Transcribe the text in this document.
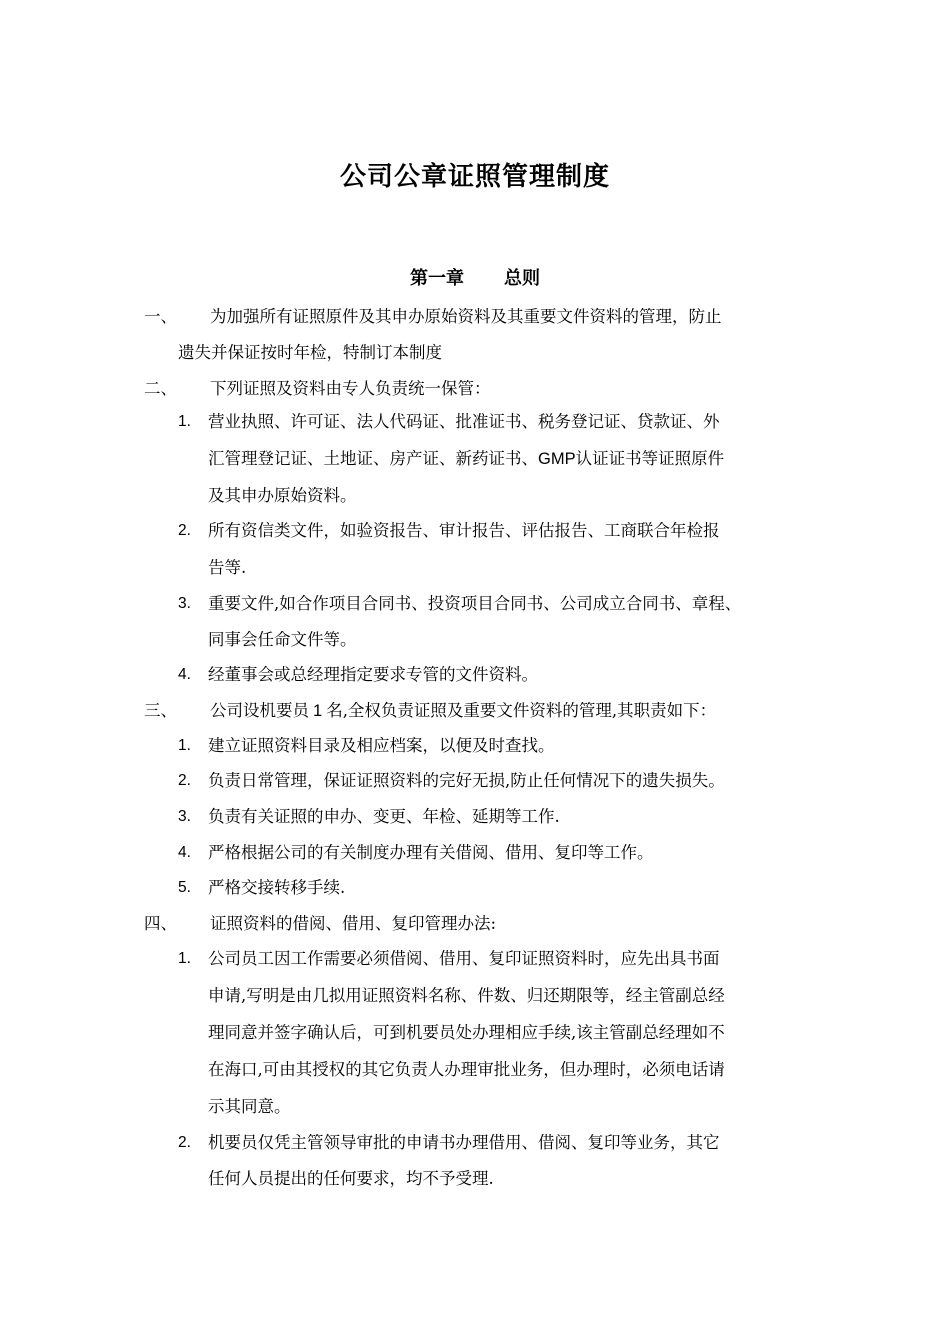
公司公章证照管理制度
第一章 总则
一、 为加强所有证照原件及其申办原始资料及其重要文件资料的管理，防止
遗失并保证按时年检，特制订本制度
二、 下列证照及资料由专人负责统一保管：
1. 营业执照、许可证、法人代码证、批准证书、税务登记证、贷款证、外
汇管理登记证、土地证、房产证、新药证书、GMP认证证书等证照原件
及其申办原始资料。
2. 所有资信类文件，如验资报告、审计报告、评估报告、工商联合年检报
告等.
3. 重要文件,如合作项目合同书、投资项目合同书、公司成立合同书、章程、
同事会任命文件等。
4. 经董事会或总经理指定要求专管的文件资料。
三、 公司设机要员 1 名,全权负责证照及重要文件资料的管理,其职责如下：
1. 建立证照资料目录及相应档案，以便及时查找。
2. 负责日常管理，保证证照资料的完好无损,防止任何情况下的遗失损失。
3. 负责有关证照的申办、变更、年检、延期等工作.
4. 严格根据公司的有关制度办理有关借阅、借用、复印等工作。
5. 严格交接转移手续.
四、 证照资料的借阅、借用、复印管理办法:
1. 公司员工因工作需要必须借阅、借用、复印证照资料时，应先出具书面
申请,写明是由几拟用证照资料名称、件数、归还期限等，经主管副总经
理同意并签字确认后，可到机要员处办理相应手续,该主管副总经理如不
在海口,可由其授权的其它负责人办理审批业务，但办理时，必须电话请
示其同意。
2. 机要员仅凭主管领导审批的申请书办理借用、借阅、复印等业务，其它
任何人员提出的任何要求，均不予受理.
